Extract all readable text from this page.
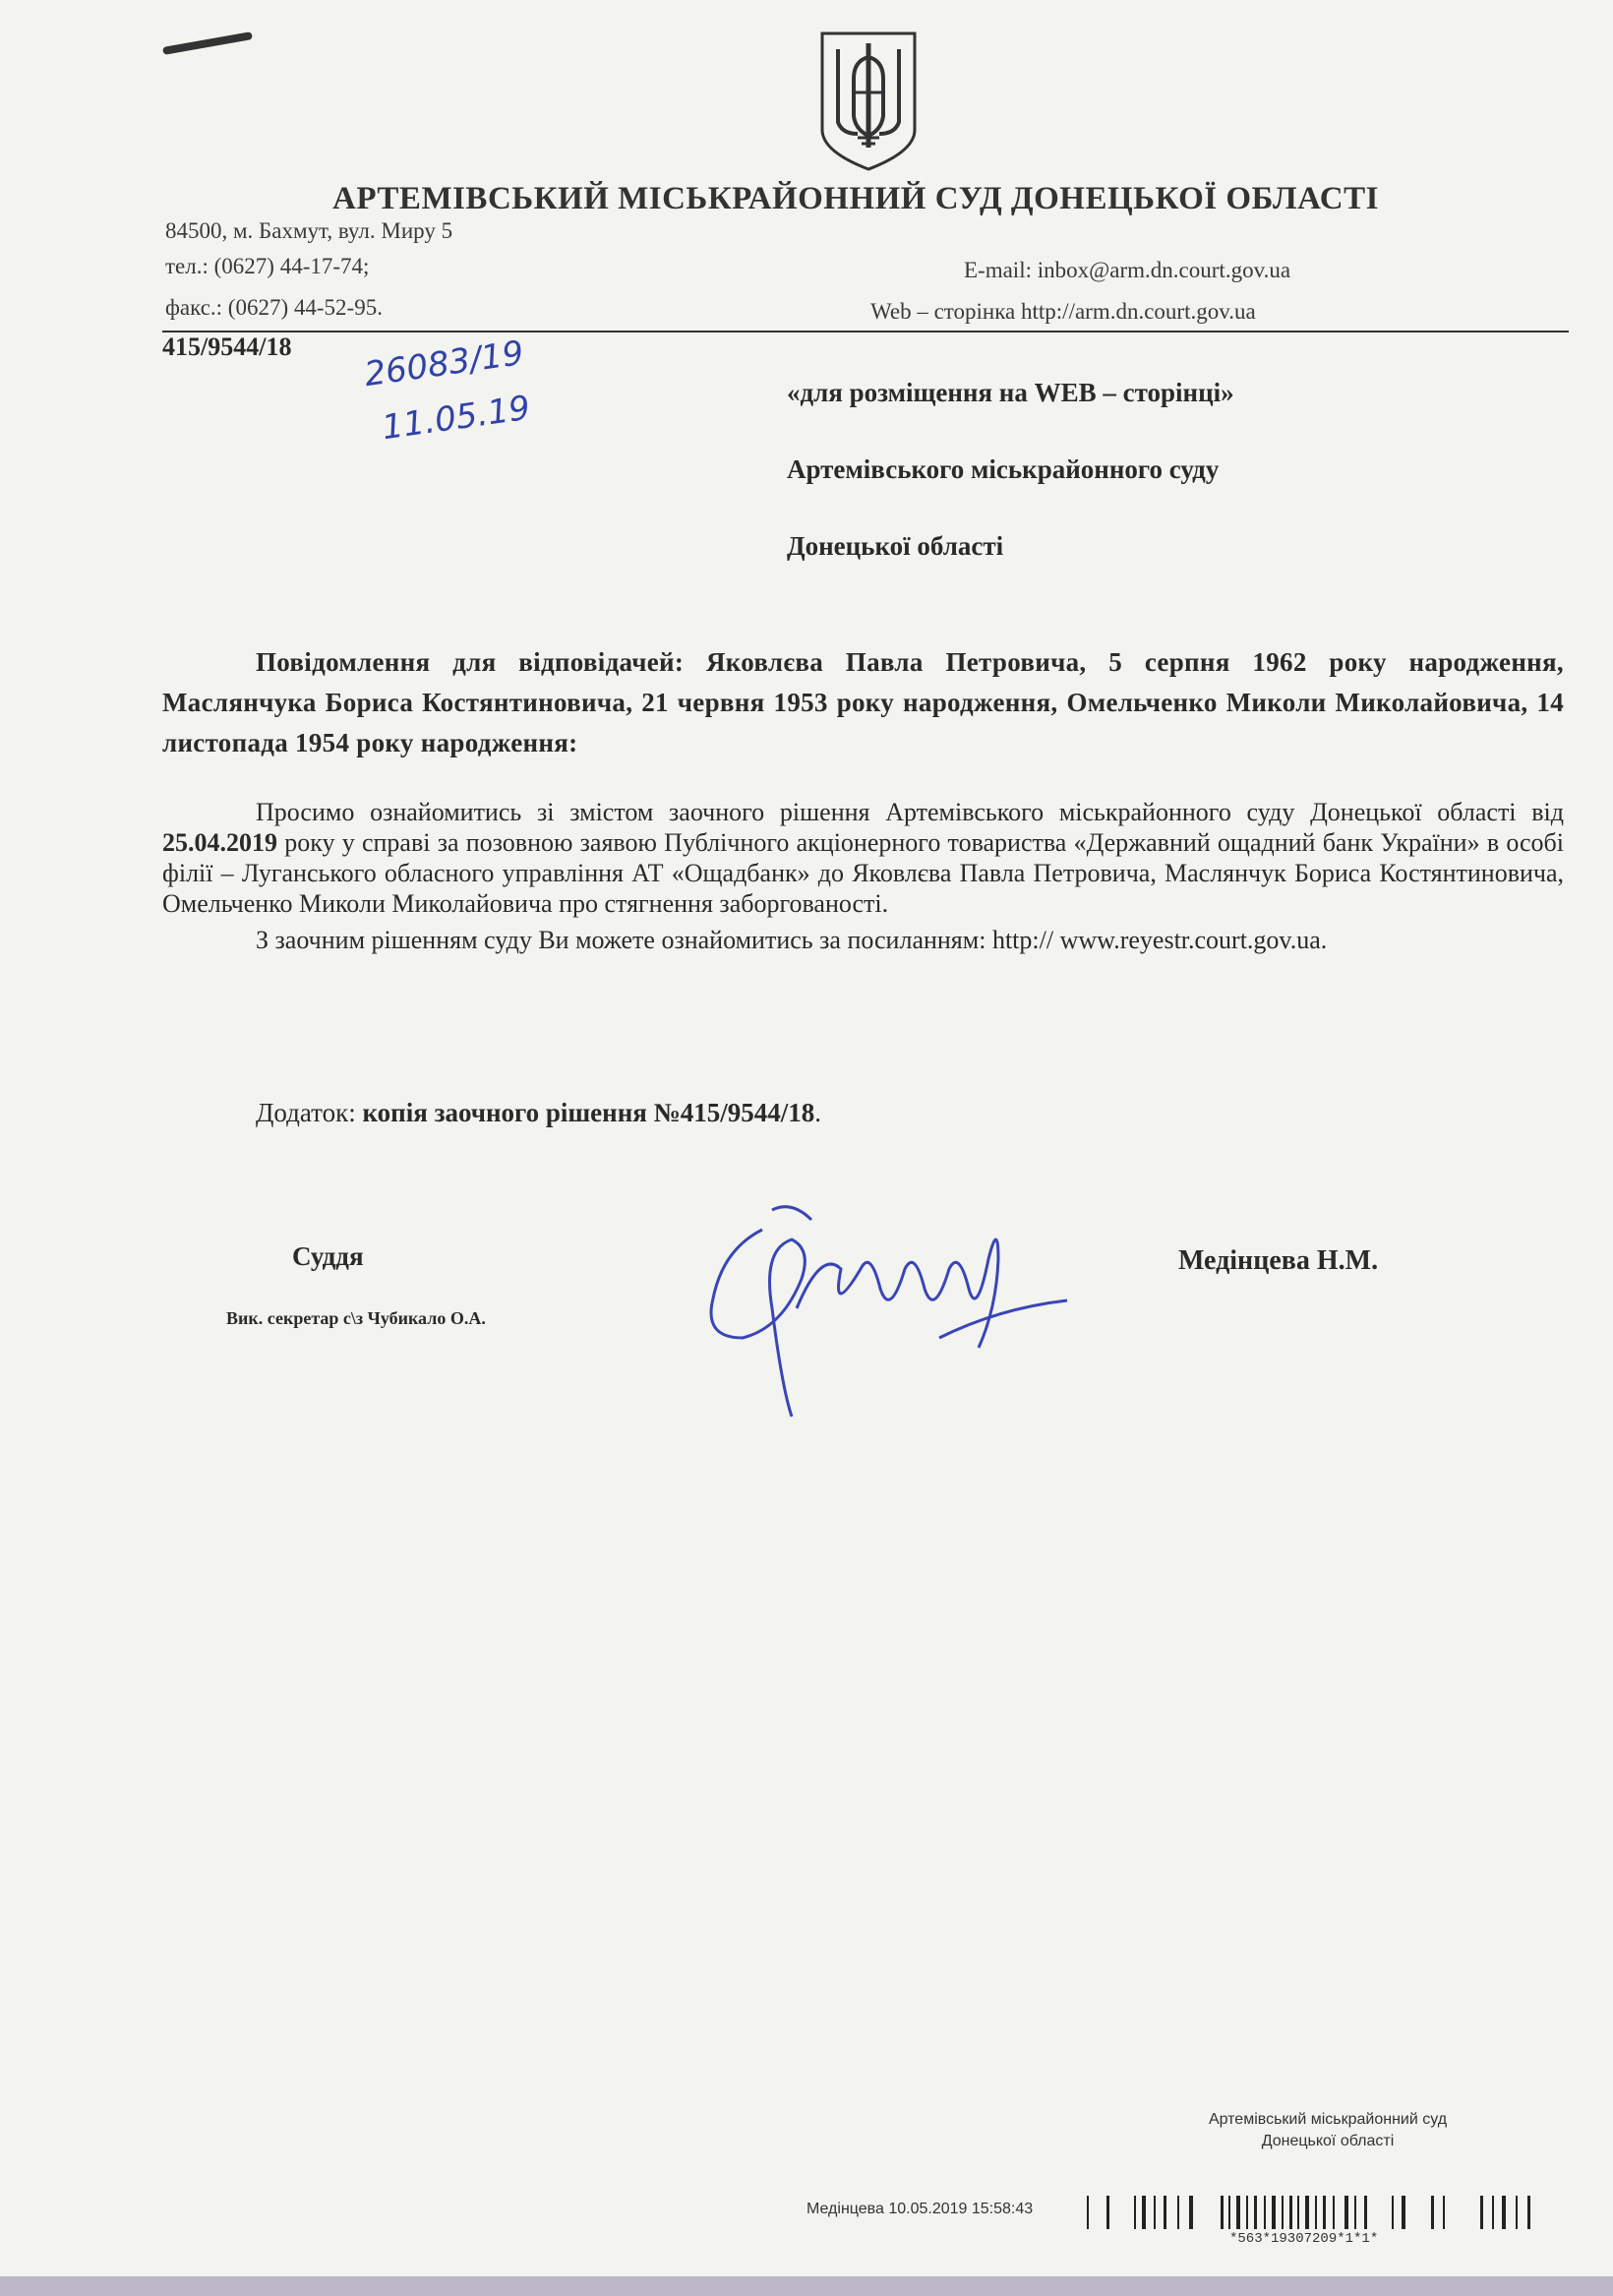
АРТЕМІВСЬКИЙ МІСЬКРАЙОННИЙ СУД ДОНЕЦЬКОЇ ОБЛАСТІ
84500, м. Бахмут, вул. Миру 5
тел.: (0627) 44-17-74;
факс.: (0627) 44-52-95.
E-mail: inbox@arm.dn.court.gov.ua
Web – сторінка http://arm.dn.court.gov.ua
415/9544/18 26083/19
11.05.19	«для розміщення на WEB – сторінці»
Артемівського міськрайонного суду
Донецької області
Повідомлення для відповідачей: Яковлєва Павла Петровича, 5 серпня 1962 року народження, Маслянчука Бориса Костянтиновича, 21 червня 1953 року народження, Омельченко Миколи Миколайовича, 14 листопада 1954 року народження:

Просимо ознайомитись зі змістом заочного рішення Артемівського міськрайонного суду Донецької області від 25.04.2019 року у справі за позовною заявою Публічного акціонерного товариства «Державний ощадний банк України» в особі філії – Луганського обласного управління АТ «Ощадбанк» до Яковлєва Павла Петровича, Маслянчук Бориса Костянтиновича, Омельченко Миколи Миколайовича про стягнення заборгованості.

З заочним рішенням суду Ви можете ознайомитись за посиланням: http:// www.reyestr.court.gov.ua.

Додаток: копія заочного рішення №415/9544/18.
Суддя
Вик. секретар с\з Чубикало О.А.
Медінцева Н.М.
Артемівський міськрайонний суд
Донецької області
Медінцева 10.05.2019 15:58:43
*563*19307209*1*1*
